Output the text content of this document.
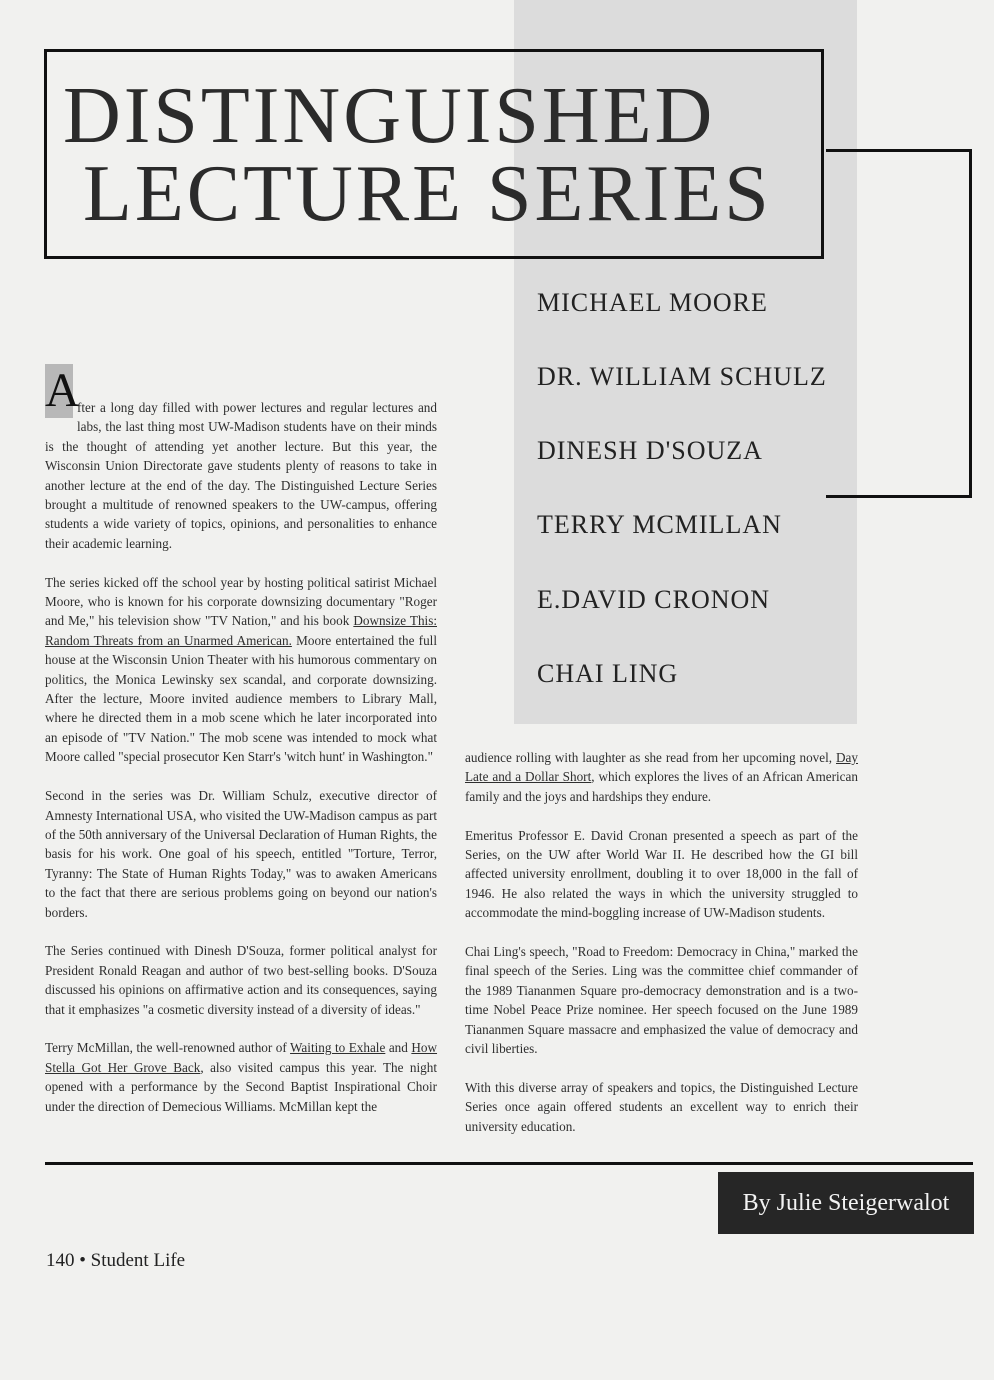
DISTINGUISHED
LECTURE SERIES
MICHAEL MOORE
DR. WILLIAM SCHULZ
DINESH D'SOUZA
TERRY MCMILLAN
E.DAVID CRONON
CHAI LING

A
fter a long day filled with power lectures and regular lectures and labs, the last thing most UW-Madison students have on their minds is the thought of attending yet another lecture. But this year, the Wisconsin Union Directorate gave students plenty of reasons to take in another lecture at the end of the day. The Distinguished Lecture Series brought a multitude of renowned speakers to the UW-campus, offering students a wide variety of topics, opinions, and personalities to enhance their academic learning.

The series kicked off the school year by hosting political satirist Michael Moore, who is known for his corporate downsizing documentary "Roger and Me," his television show "TV Nation," and his book Downsize This: Random Threats from an Unarmed American. Moore entertained the full house at the Wisconsin Union Theater with his humorous commentary on politics, the Monica Lewinsky sex scandal, and corporate downsizing. After the lecture, Moore invited audience members to Library Mall, where he directed them in a mob scene which he later incorporated into an episode of "TV Nation." The mob scene was intended to mock what Moore called "special prosecutor Ken Starr's 'witch hunt' in Washington."

Second in the series was Dr. William Schulz, executive director of Amnesty International USA, who visited the UW-Madison campus as part of the 50th anniversary of the Universal Declaration of Human Rights, the basis for his work. One goal of his speech, entitled "Torture, Terror, Tyranny: The State of Human Rights Today," was to awaken Americans to the fact that there are serious problems going on beyond our nation's borders.

The Series continued with Dinesh D'Souza, former political analyst for President Ronald Reagan and author of two best-selling books. D'Souza discussed his opinions on affirmative action and its consequences, saying that it emphasizes "a cosmetic diversity instead of a diversity of ideas."

Terry McMillan, the well-renowned author of Waiting to Exhale and How Stella Got Her Grove Back, also visited campus this year. The night opened with a performance by the Second Baptist Inspirational Choir under the direction of Demecious Williams. McMillan kept the

audience rolling with laughter as she read from her upcoming novel, Day Late and a Dollar Short, which explores the lives of an African American family and the joys and hardships they endure.

Emeritus Professor E. David Cronan presented a speech as part of the Series, on the UW after World War II. He described how the GI bill affected university enrollment, doubling it to over 18,000 in the fall of 1946. He also related the ways in which the university struggled to accommodate the mind-boggling increase of UW-Madison students.

Chai Ling's speech, "Road to Freedom: Democracy in China," marked the final speech of the Series. Ling was the committee chief commander of the 1989 Tiananmen Square pro-democracy demonstration and is a two-time Nobel Peace Prize nominee. Her speech focused on the June 1989 Tiananmen Square massacre and emphasized the value of democracy and civil liberties.

With this diverse array of speakers and topics, the Distinguished Lecture Series once again offered students an excellent way to enrich their university education.

By Julie Steigerwalot
140 • Student Life
